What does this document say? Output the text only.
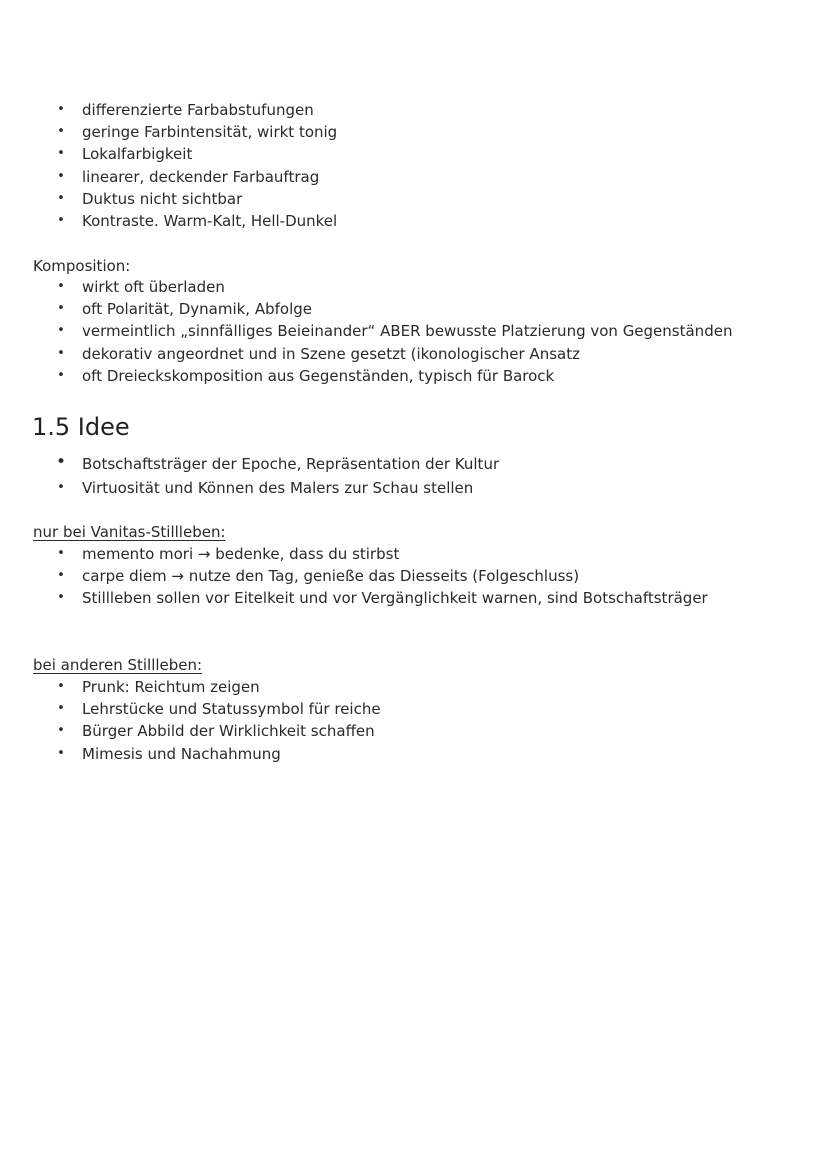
• differenzierte Farbabstufungen
• geringe Farbintensität, wirkt tonig
• Lokalfarbigkeit
• linearer, deckender Farbauftrag
• Duktus nicht sichtbar
• Kontraste. Warm-Kalt, Hell-Dunkel
Komposition:
• wirkt oft überladen
• oft Polarität, Dynamik, Abfolge
• vermeintlich „sinnfälliges Beieinander“ ABER bewusste Platzierung von Gegenständen
• dekorativ angeordnet und in Szene gesetzt (ikonologischer Ansatz
• oft Dreieckskomposition aus Gegenständen, typisch für Barock
1.5 Idee
• Botschaftsträger der Epoche, Repräsentation der Kultur
• Virtuosität und Können des Malers zur Schau stellen
nur bei Vanitas-Stillleben:
• memento mori → bedenke, dass du stirbst
• carpe diem → nutze den Tag, genieße das Diesseits (Folgeschluss)
• Stillleben sollen vor Eitelkeit und vor Vergänglichkeit warnen, sind Botschaftsträger
bei anderen Stillleben:
• Prunk: Reichtum zeigen
• Lehrstücke und Statussymbol für reiche
• Bürger Abbild der Wirklichkeit schaffen
• Mimesis und Nachahmung
